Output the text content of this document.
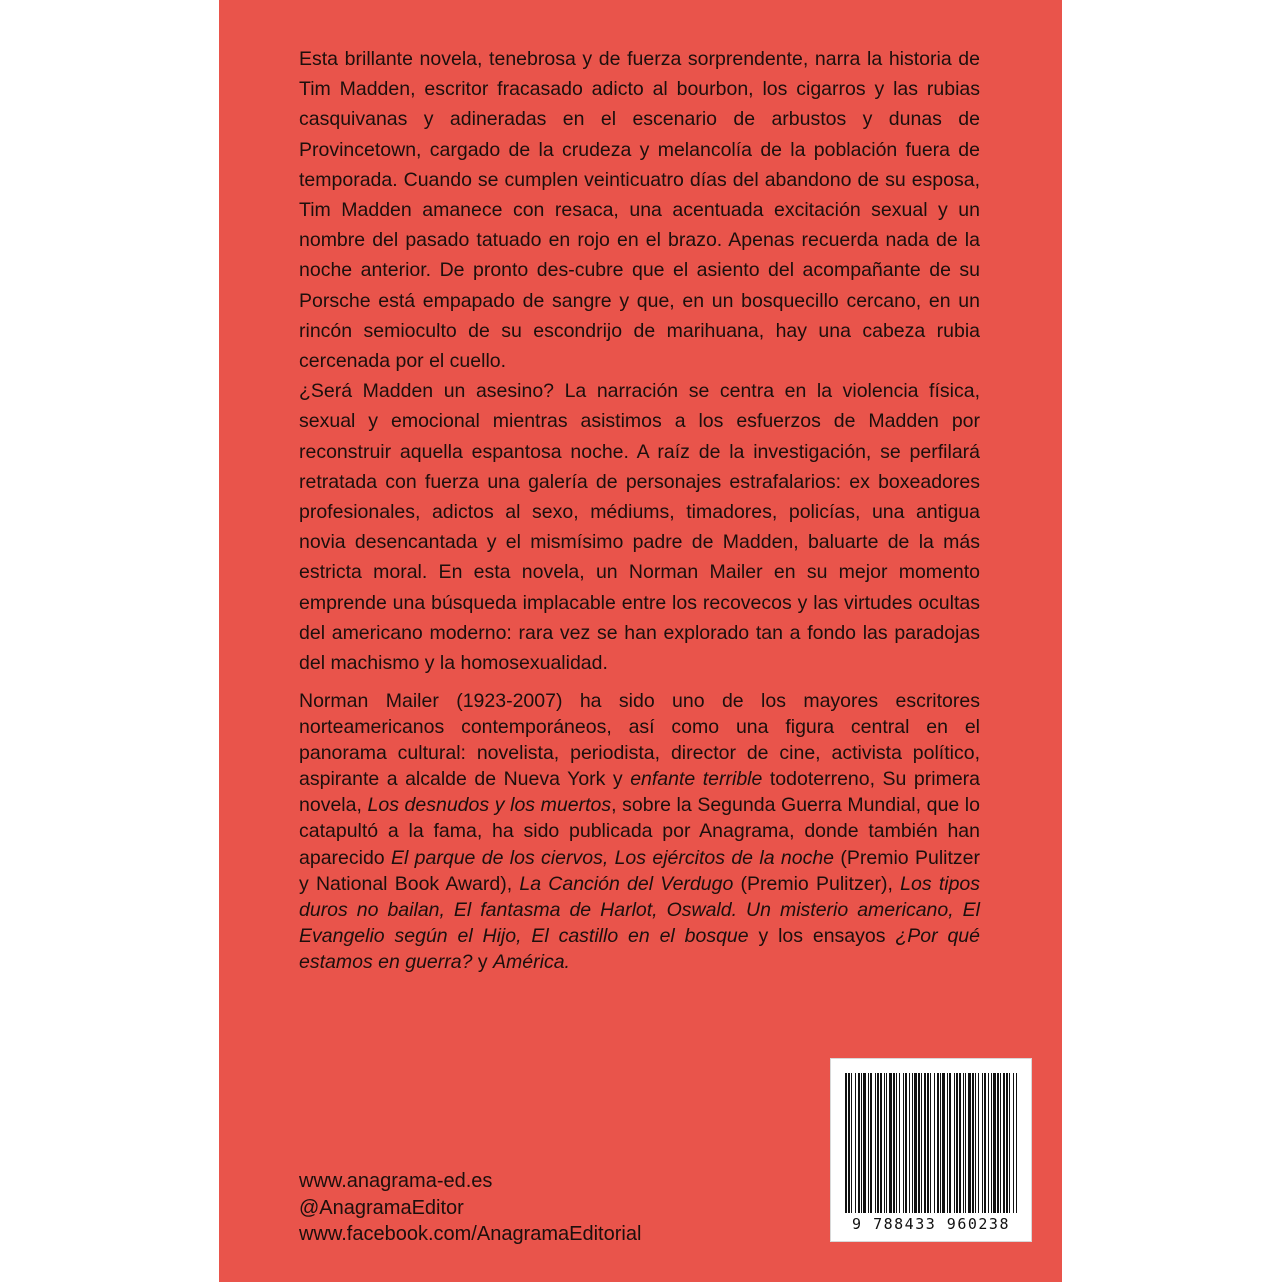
Esta brillante novela, tenebrosa y de fuerza sorprendente, narra la historia de Tim Madden, escritor fracasado adicto al bourbon, los cigarros y las rubias casquivanas y adineradas en el escenario de arbustos y dunas de Provincetown, cargado de la crudeza y melancolía de la población fuera de temporada. Cuando se cumplen veinticuatro días del abandono de su esposa, Tim Madden amanece con resaca, una acentuada excitación sexual y un nombre del pasado tatuado en rojo en el brazo. Apenas recuerda nada de la noche anterior. De pronto des-cubre que el asiento del acompañante de su Porsche está empapado de sangre y que, en un bosquecillo cercano, en un rincón semioculto de su escondrijo de marihuana, hay una cabeza rubia cercenada por el cuello.

¿Será Madden un asesino? La narración se centra en la violencia física, sexual y emocional mientras asistimos a los esfuerzos de Madden por reconstruir aquella espantosa noche. A raíz de la investigación, se perfilará retratada con fuerza una galería de personajes estrafalarios: ex boxeadores profesionales, adictos al sexo, médiums, timadores, policías, una antigua novia desencantada y el mismísimo padre de Madden, baluarte de la más estricta moral. En esta novela, un Norman Mailer en su mejor momento emprende una búsqueda implacable entre los recovecos y las virtudes ocultas del americano moderno: rara vez se han explorado tan a fondo las paradojas del machismo y la homosexualidad.

Norman Mailer (1923-2007) ha sido uno de los mayores escritores norteamericanos contemporáneos, así como una figura central en el panorama cultural: novelista, periodista, director de cine, activista político, aspirante a alcalde de Nueva York y enfante terrible todoterreno, Su primera novela, Los desnudos y los muertos, sobre la Segunda Guerra Mundial, que lo catapultó a la fama, ha sido publicada por Anagrama, donde también han aparecido El parque de los ciervos, Los ejércitos de la noche (Premio Pulitzer y National Book Award), La Canción del Verdugo (Premio Pulitzer), Los tipos duros no bailan, El fantasma de Harlot, Oswald. Un misterio americano, El Evangelio según el Hijo, El castillo en el bosque y los ensayos ¿Por qué estamos en guerra? y América.

www.anagrama-ed.es
@AnagramaEditor
www.facebook.com/AnagramaEditorial	9 788433 960238
